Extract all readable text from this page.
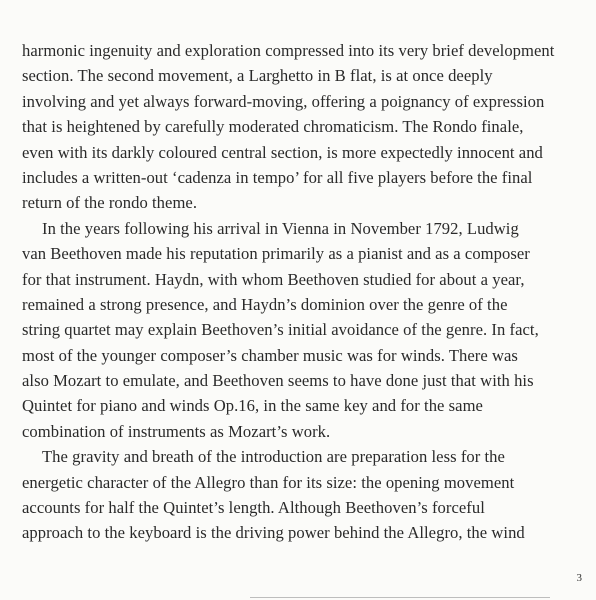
harmonic ingenuity and exploration compressed into its very brief development
section. The second movement, a Larghetto in B flat, is at once deeply
involving and yet always forward-moving, offering a poignancy of expression
that is heightened by carefully moderated chromaticism. The Rondo finale,
even with its darkly coloured central section, is more expectedly innocent and
includes a written-out ‘cadenza in tempo’ for all five players before the final
return of the rondo theme.
In the years following his arrival in Vienna in November 1792, Ludwig
van Beethoven made his reputation primarily as a pianist and as a composer
for that instrument. Haydn, with whom Beethoven studied for about a year,
remained a strong presence, and Haydn’s dominion over the genre of the
string quartet may explain Beethoven’s initial avoidance of the genre. In fact,
most of the younger composer’s chamber music was for winds. There was
also Mozart to emulate, and Beethoven seems to have done just that with his
Quintet for piano and winds Op.16, in the same key and for the same
combination of instruments as Mozart’s work.
The gravity and breath of the introduction are preparation less for the
energetic character of the Allegro than for its size: the opening movement
accounts for half the Quintet’s length. Although Beethoven’s forceful
approach to the keyboard is the driving power behind the Allegro, the wind
3
